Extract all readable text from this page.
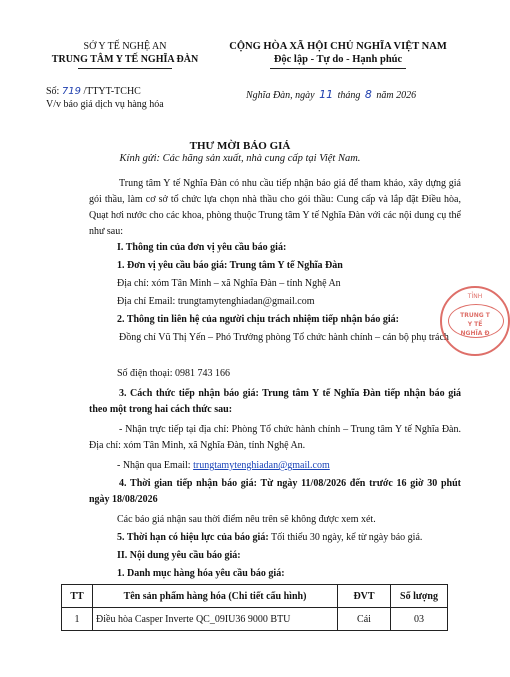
SỞ Y TẾ NGHỆ AN
TRUNG TÂM Y TẾ NGHĨA ĐÀN
CỘNG HÒA XÃ HỘI CHỦ NGHĨA VIỆT NAM
Độc lập - Tự do - Hạnh phúc
Số: 719 /TTYT-TCHC
V/v báo giá dịch vụ hàng hóa
Nghĩa Đàn, ngày 11 tháng 8 năm 2026
THƯ MỜI BÁO GIÁ
Kính gửi: Các hãng sản xuất, nhà cung cấp tại Việt Nam.
Trung tâm Y tế Nghĩa Đàn có nhu cầu tiếp nhận báo giá để tham khảo, xây dựng giá gói thầu, làm cơ sở tổ chức lựa chọn nhà thầu cho gói thầu: Cung cấp và lắp đặt Điều hòa, Quạt hơi nước cho các khoa, phòng thuộc Trung tâm Y tế Nghĩa Đàn với các nội dung cụ thể như sau:
I. Thông tin của đơn vị yêu cầu báo giá:
1. Đơn vị yêu cầu báo giá: Trung tâm Y tế Nghĩa Đàn
Địa chỉ: xóm Tân Minh – xã Nghĩa Đàn – tỉnh Nghệ An
Địa chỉ Email: trungtamytenghiadan@gmail.com
2. Thông tin liên hệ của người chịu trách nhiệm tiếp nhận báo giá:
Đồng chí Vũ Thị Yến – Phó Trưởng phòng Tổ chức hành chính – cán bộ phụ trách
Số điện thoại: 0981 743 166
3. Cách thức tiếp nhận báo giá: Trung tâm Y tế Nghĩa Đàn tiếp nhận báo giá theo một trong hai cách thức sau:
- Nhận trực tiếp tại địa chỉ: Phòng Tổ chức hành chính – Trung tâm Y tế Nghĩa Đàn. Địa chỉ: xóm Tân Minh, xã Nghĩa Đàn, tỉnh Nghệ An.
- Nhận qua Email: trungtamytenghiadan@gmail.com
4. Thời gian tiếp nhận báo giá: Từ ngày 11/08/2026 đến trước 16 giờ 30 phút ngày 18/08/2026
Các báo giá nhận sau thời điểm nêu trên sẽ không được xem xét.
5. Thời hạn có hiệu lực của báo giá: Tối thiểu 30 ngày, kể từ ngày báo giá.
II. Nội dung yêu cầu báo giá:
1. Danh mục hàng hóa yêu cầu báo giá:
TT	Tên sản phẩm hàng hóa (Chi tiết cấu hình)	ĐVT	Số lượng
1	Điều hòa Casper Inverte QC_09IU36 9000 BTU	Cái	03
TỈNH
TRUNG T
Y TẾ
NGHĨA Đ
